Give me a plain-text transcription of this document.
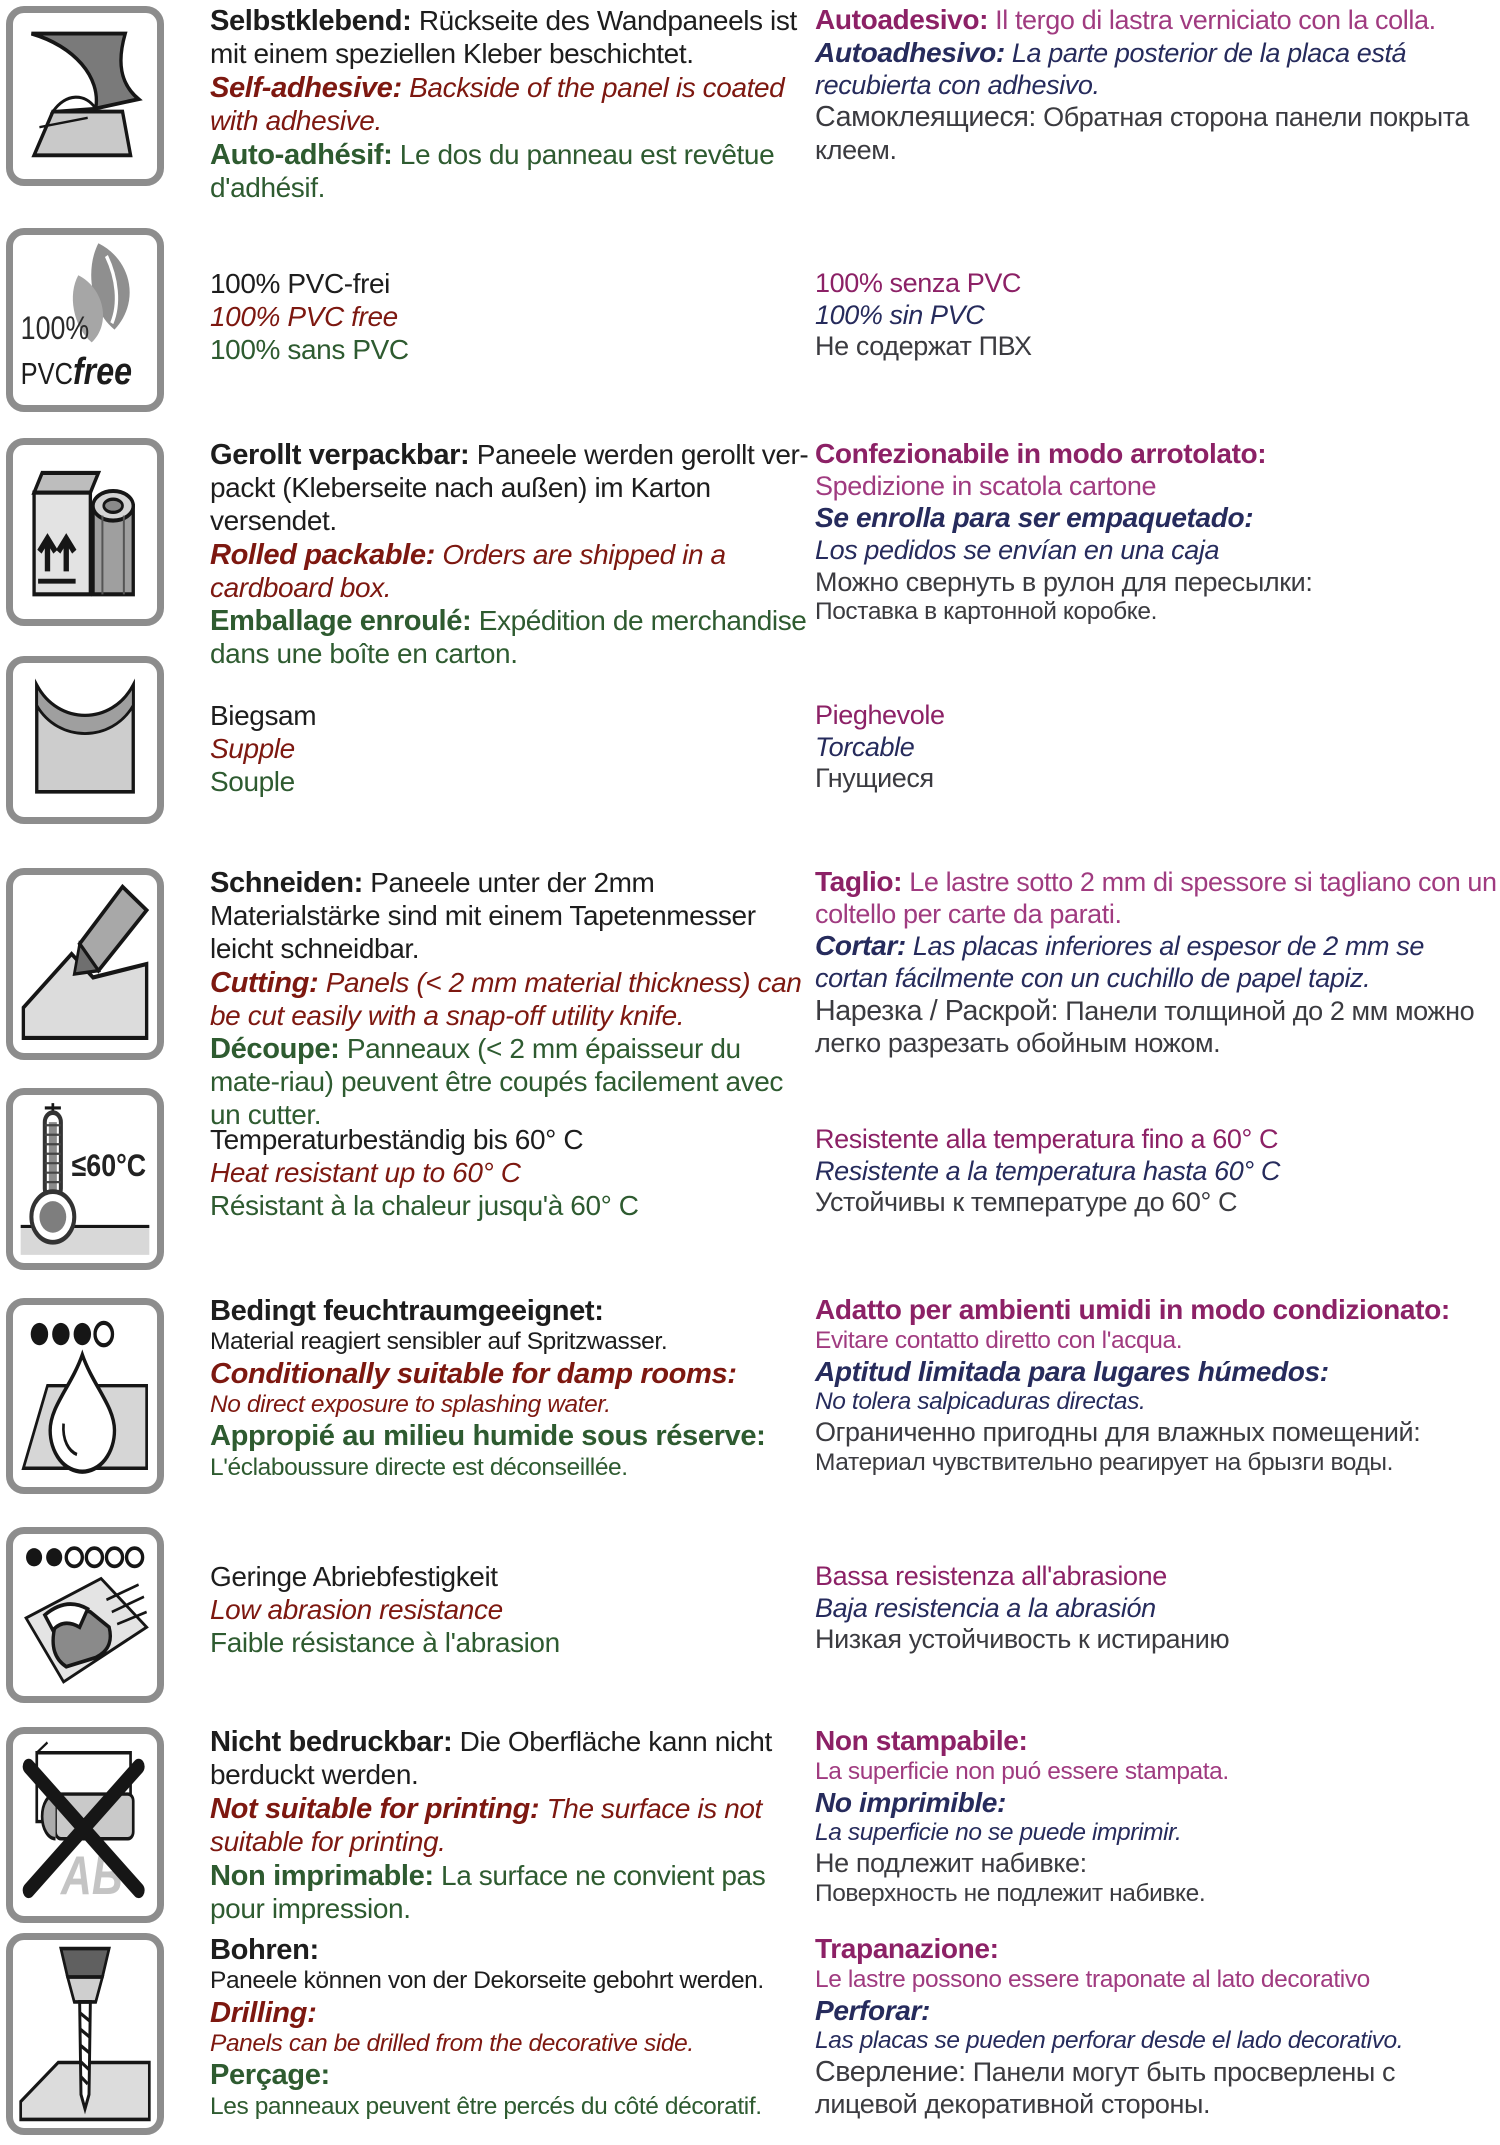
Selbstklebend: Rückseite des Wandpaneels ist mit einem speziellen Kleber beschichtet.
Self-adhesive: Backside of the panel is coated with adhesive.
Auto-adhésif: Le dos du panneau est revêtue d'adhésif.
Autoadesivo: Il tergo di lastra verniciato con la colla.
Autoadhesivo: La parte posterior de la placa está recubierta con adhesivo.
Самоклеящиеся: Обратная сторона панели покрыта клеем.
100%
PVCfree
100% PVC-frei
100% PVC free
100% sans PVC
100% senza PVC
100% sin PVC
Не содержат ПВХ
Gerollt verpackbar: Paneele werden gerollt ver-packt (Kleberseite nach außen) im Karton versendet.
Rolled packable: Orders are shipped in a cardboard box.
Emballage enroulé: Expédition de merchandise dans une boîte en carton.
Confezionabile in modo arrotolato:
Spedizione in scatola cartone
Se enrolla para ser empaquetado:
Los pedidos se envían en una caja
Можно свернуть в рулон для пересылки:
Поставка в картонной коробке.
Biegsam
Supple
Souple
Pieghevole
Torcable
Гнущиеся
Schneiden: Paneele unter der 2mm Materialstärke sind mit einem Tapetenmesser leicht schneidbar.
Cutting: Panels (< 2 mm material thickness) can be cut easily with a snap-off utility knife.
Découpe: Panneaux (< 2 mm épaisseur du mate-riau) peuvent être coupés facilement avec un cutter.
Taglio: Le lastre sotto 2 mm di spessore si tagliano con un coltello per carte da parati.
Cortar: Las placas inferiores al espesor de 2 mm se cortan fácilmente con un cuchillo de papel tapiz.
Нарезка / Раскрой: Панели толщиной до 2 мм можно легко разрезать обойным ножом.
≤60°C
Temperaturbeständig bis 60° C
Heat resistant up to 60° C
Résistant à la chaleur jusqu'à 60° C
Resistente alla temperatura fino a 60° C
Resistente a la temperatura hasta 60° C
Устойчивы к температуре до 60° C
Bedingt feuchtraumgeeignet:
Material reagiert sensibler auf Spritzwasser.
Conditionally suitable for damp rooms:
No direct exposure to splashing water.
Appropié au milieu humide sous réserve:
L'éclaboussure directe est déconseillée.
Adatto per ambienti umidi in modo condizionato:
Evitare contatto diretto con l'acqua.
Aptitud limitada para lugares húmedos:
No tolera salpicaduras directas.
Ограниченно пригодны для влажных помещений:
Материал чувствительно реагирует на брызги воды.
Geringe Abriebfestigkeit
Low abrasion resistance
Faible résistance à l'abrasion
Bassa resistenza all'abrasione
Baja resistencia a la abrasión
Низкая устойчивость к истиранию
AB
Nicht bedruckbar: Die Oberfläche kann nicht berduckt werden.
Not suitable for printing: The surface is not suitable for printing.
Non imprimable: La surface ne convient pas pour impression.
Non stampabile:
La superficie non puó essere stampata.
No imprimible:
La superficie no se puede imprimir.
Не подлежит набивке:
Поверхность не подлежит набивке.
Bohren:
Paneele können von der Dekorseite gebohrt werden.
Drilling:
Panels can be drilled from the decorative side.
Perçage:
Les panneaux peuvent être percés du côté décoratif.
Trapanazione:
Le lastre possono essere traponate al lato decorativo
Perforar:
Las placas se pueden perforar desde el lado decorativo.
Сверление: Панели могут быть просверлены с лицевой декоративной стороны.
